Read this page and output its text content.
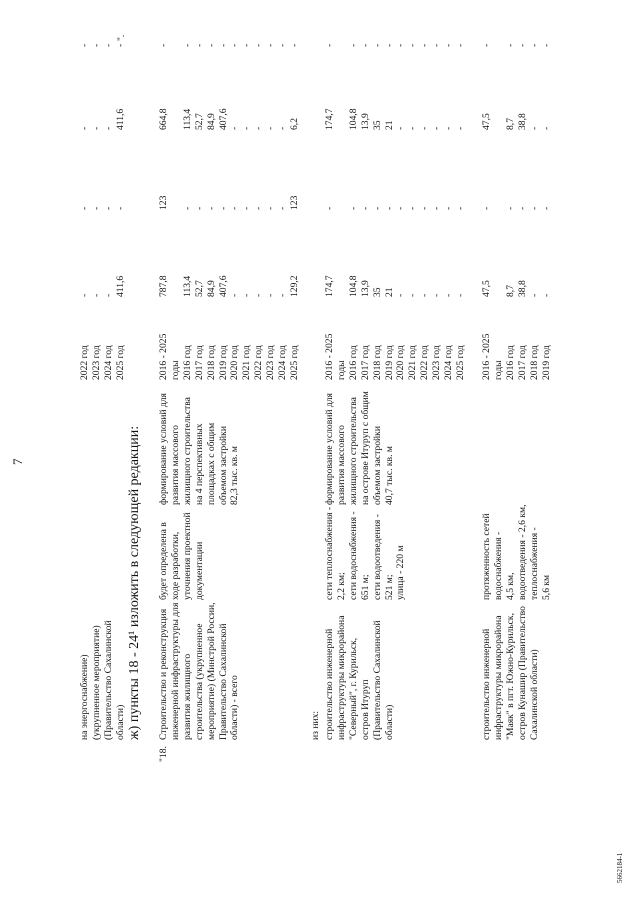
7
на энергоснабжение) (укрупненное мероприятие) (Правительство Сахалинской области)
2022 год 2023 год 2024 год 2025 год
- - - 411,6
- - - -
- - - 411,6
- - - -
".
ж) пункты 18 - 24¹ изложить в следующей редакции:
"18.
Строительство и реконструкция инженерной инфраструктуры для развития жилищного строительства (укрупненное мероприятие) (Минстрой России, Правительство Сахалинской области) - всего
будет определена в ходе разработки, уточнения проектной документации
формирование условий для развития массового жилищного строительства на 4 перспективных площадках с общим объемом застройки 82,3 тыс. кв. м
2016 - 2025 годы 2016 год 2017 год 2018 год 2019 год 2020 год 2021 год 2022 год 2023 год 2024 год 2025 год
787,8
113,4 52,7 84,9 407,6 - - - - - 129,2
123
- - - - - - - - - 123
664,8
113,4 52,7 84,9 407,6 - - - - - 6,2
-
- - - - - - - - - -
из них: строительство инженерной инфраструктуры микрорайона "Северный", г. Курильск, остров Итуруп (Правительство Сахалинской области)
сети теплоснабжения - 2,2 км; сети водоснабжения - 651 м; сети водоотведения - 521 м; улица - 220 м
формирование условий для развития массового жилищного строительства на острове Итуруп с общим объемом застройки 40,7 тыс. кв. м
2016 - 2025 годы 2016 год 2017 год 2018 год 2019 год 2020 год 2021 год 2022 год 2023 год 2024 год 2025 год
174,7
104,8 13,9 35 21 - - - - - -
-
- - - - - - - - - -
174,7
104,8 13,9 35 21 - - - - - -
-
- - - - - - - - - -
строительство инженерной инфраструктуры микрорайона "Маяк" в пгт. Южно-Курильск, остров Кунашир (Правительство Сахалинской области)
протяженность сетей водоснабжения - 4,5 км, водоотведения - 2,6 км, теплоснабжения - 5,6 км
2016 - 2025 годы 2016 год 2017 год 2018 год 2019 год
47,5
8,7 38,8 - -
-
- - - -
47,5
8,7 38,8 - -
-
- - - -
5662184-1
